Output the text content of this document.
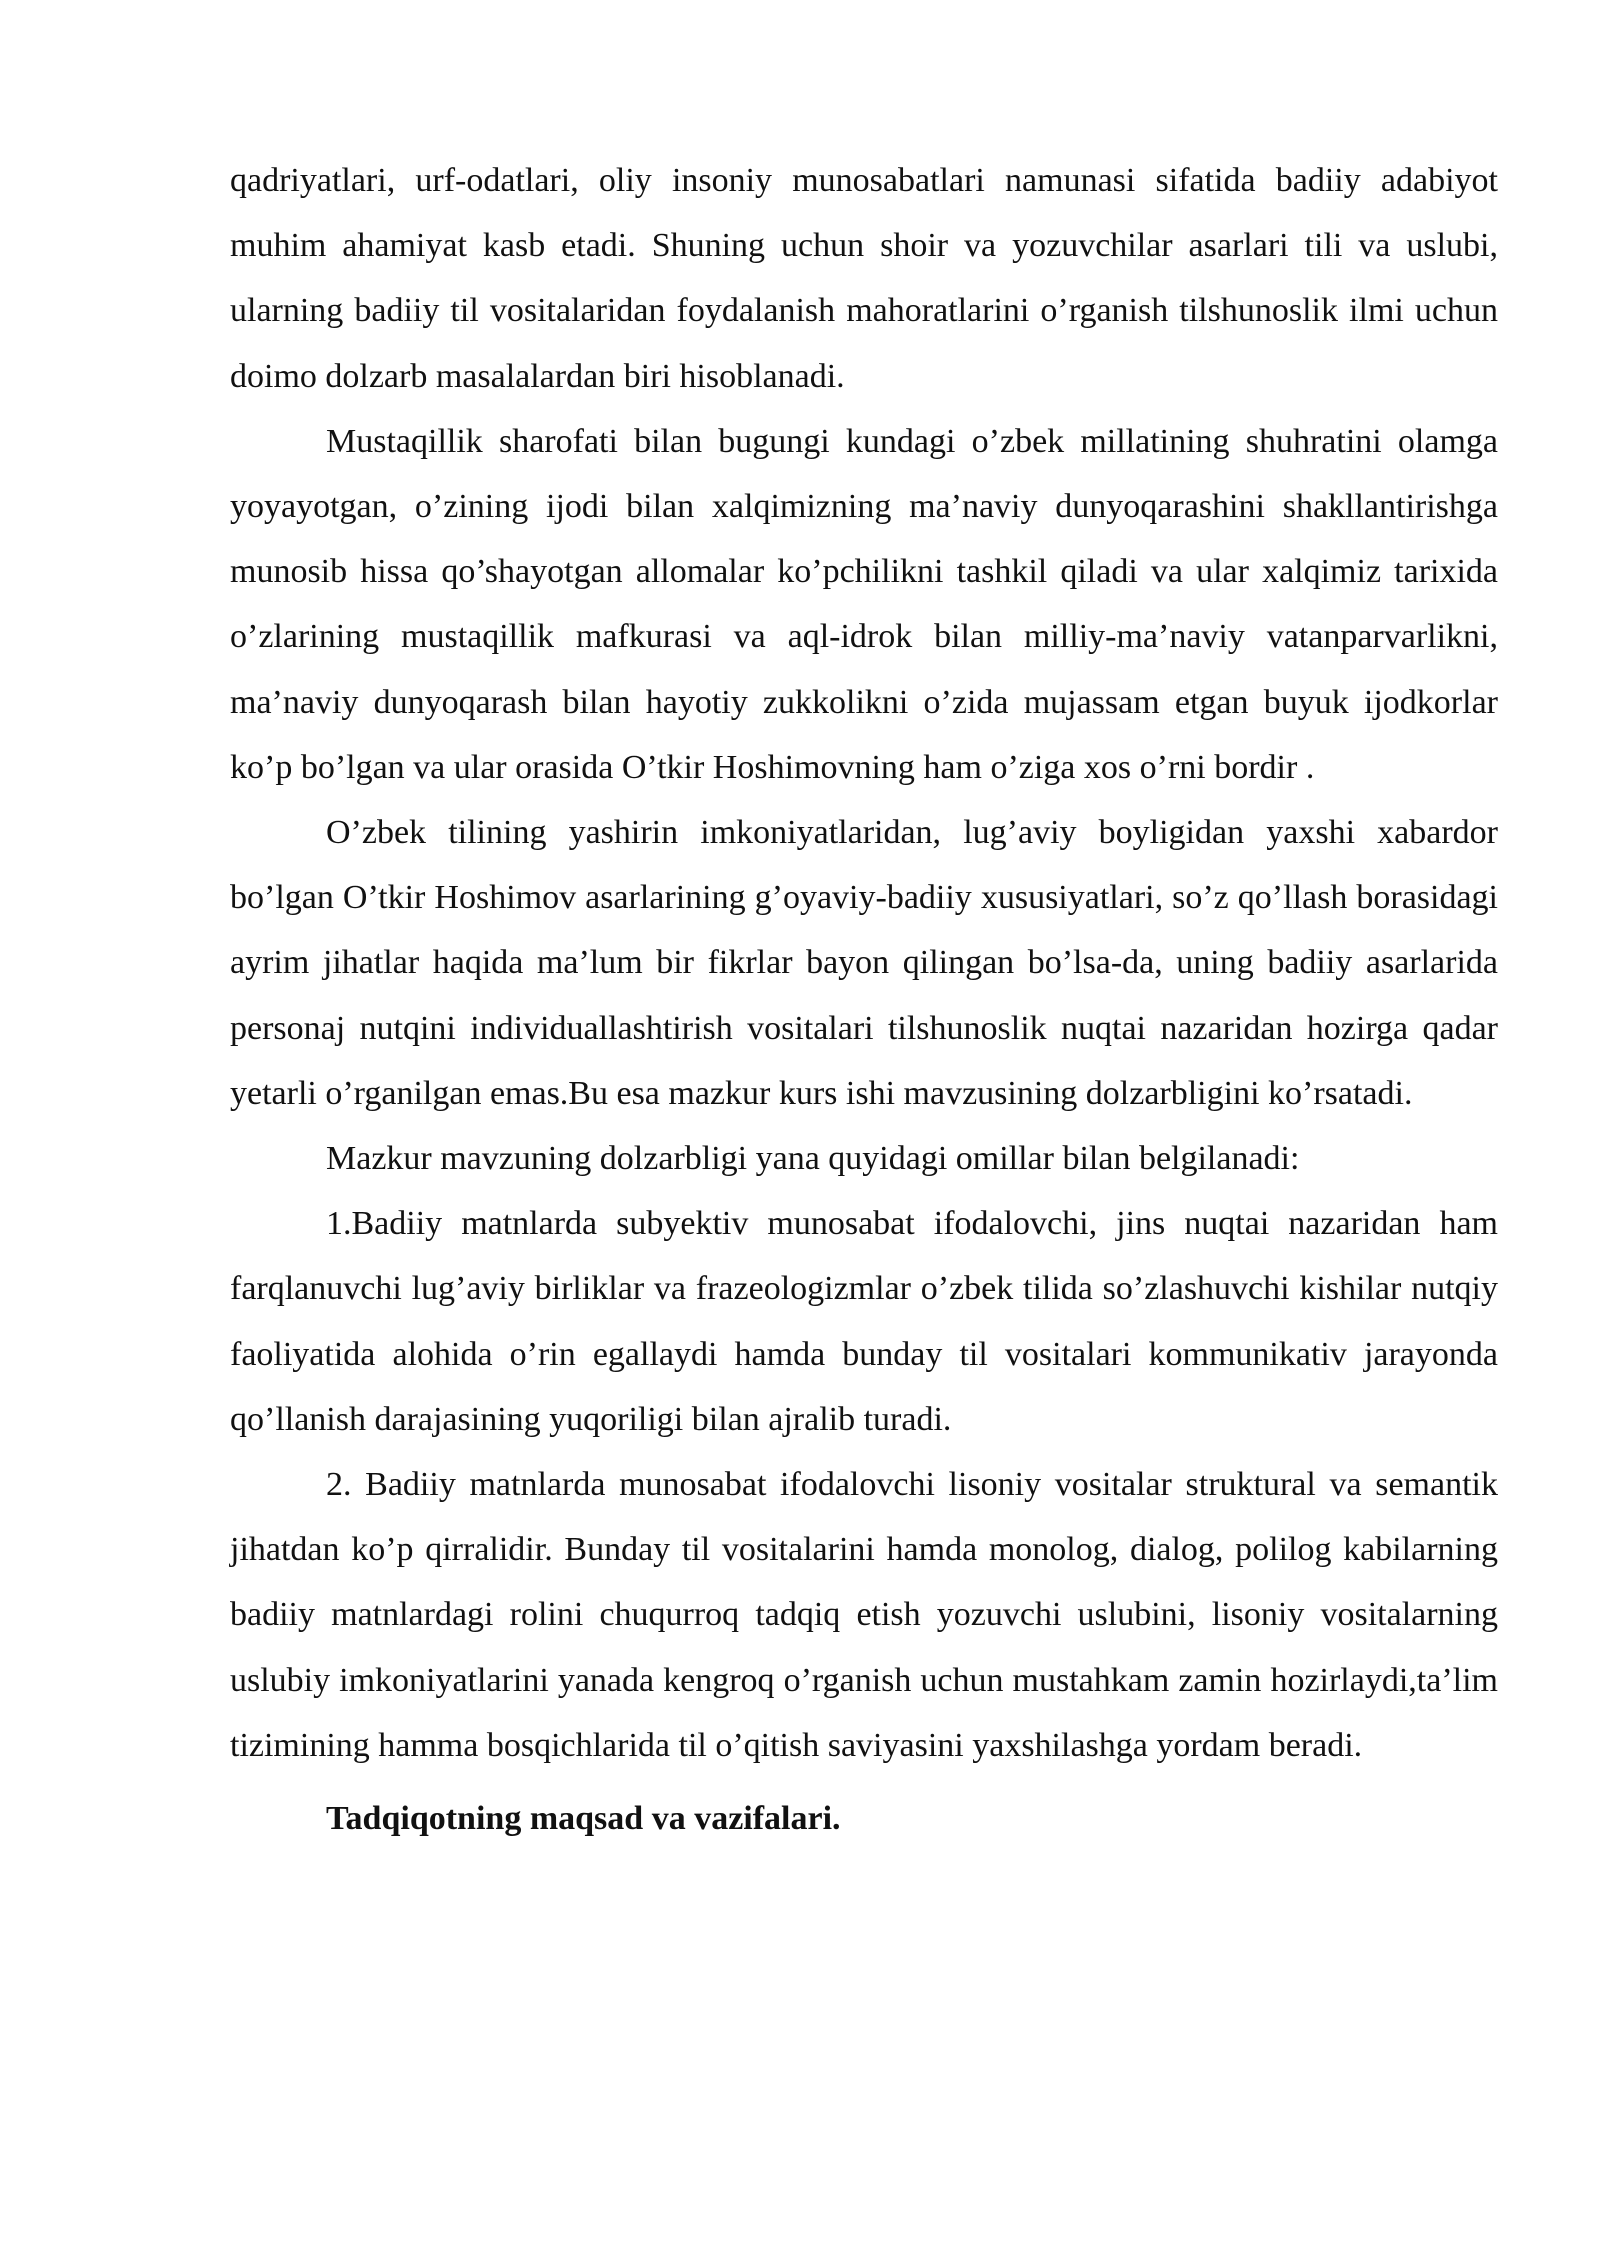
qadriyatlari, urf-odatlari, oliy insoniy munosabatlari namunasi sifatida badiiy adabiyot muhim ahamiyat kasb etadi. Shuning uchun shoir va yozuvchilar asarlari tili va uslubi, ularning badiiy til vositalaridan foydalanish mahoratlarini o’rganish tilshunoslik ilmi uchun doimo dolzarb masalalardan biri hisoblanadi.

Mustaqillik sharofati bilan bugungi kundagi o’zbek millatining shuhratini olamga yoyayotgan, o’zining ijodi bilan xalqimizning ma’naviy dunyoqarashini shakllantirishga munosib hissa qo’shayotgan allomalar ko’pchilikni tashkil qiladi va ular xalqimiz tarixida o’zlarining mustaqillik mafkurasi va aql-idrok bilan milliy-ma’naviy vatanparvarlikni, ma’naviy dunyoqarash bilan hayotiy zukkolikni o’zida mujassam etgan buyuk ijodkorlar ko’p bo’lgan va ular orasida O’tkir Hoshimovning ham o’ziga xos o’rni bordir .

O’zbek tilining yashirin imkoniyatlaridan, lug’aviy boyligidan yaxshi xabardor bo’lgan O’tkir Hoshimov asarlarining g’oyaviy-badiiy xususiyatlari, so’z qo’llash borasidagi ayrim jihatlar haqida ma’lum bir fikrlar bayon qilingan bo’lsa-da, uning badiiy asarlarida personaj nutqini individuallashtirish vositalari tilshunoslik nuqtai nazaridan hozirga qadar yetarli o’rganilgan emas.Bu esa mazkur kurs ishi mavzusining dolzarbligini ko’rsatadi.

Mazkur mavzuning dolzarbligi yana quyidagi omillar bilan belgilanadi:

1.Badiiy matnlarda subyektiv munosabat ifodalovchi, jins nuqtai nazaridan ham farqlanuvchi lug’aviy birliklar va frazeologizmlar o’zbek tilida so’zlashuvchi kishilar nutqiy faoliyatida alohida o’rin egallaydi hamda bunday til vositalari kommunikativ jarayonda qo’llanish darajasining yuqoriligi bilan ajralib turadi.

2. Badiiy matnlarda munosabat ifodalovchi lisoniy vositalar struktural va semantik jihatdan ko’p qirralidir. Bunday til vositalarini hamda monolog, dialog, polilog kabilarning badiiy matnlardagi rolini chuqurroq tadqiq etish yozuvchi uslubini, lisoniy vositalarning uslubiy imkoniyatlarini yanada kengroq o’rganish uchun mustahkam zamin hozirlaydi,ta’lim tizimining hamma bosqichlarida til o’qitish saviyasini yaxshilashga yordam beradi.

Tadqiqotning maqsad va vazifalari.
